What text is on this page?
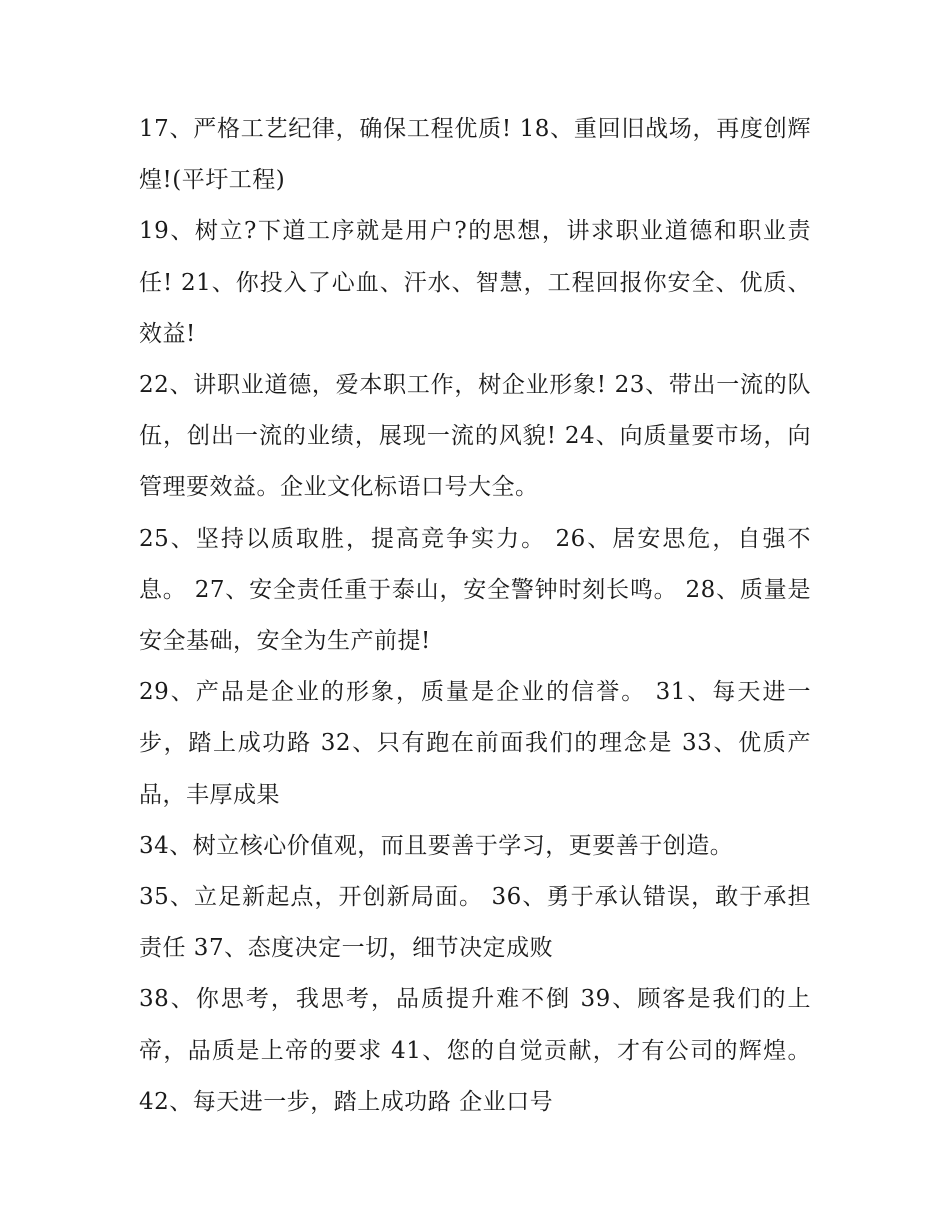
17、严格工艺纪律，确保工程优质! 18、重回旧战场，再度创辉煌!(平圩工程)

19、树立?下道工序就是用户?的思想，讲求职业道德和职业责任! 21、你投入了心血、汗水、智慧，工程回报你安全、优质、效益!

22、讲职业道德，爱本职工作，树企业形象! 23、带出一流的队伍，创出一流的业绩，展现一流的风貌! 24、向质量要市场，向管理要效益。企业文化标语口号大全。

25、坚持以质取胜，提高竞争实力。 26、居安思危，自强不息。 27、安全责任重于泰山，安全警钟时刻长鸣。 28、质量是安全基础，安全为生产前提!

29、产品是企业的形象，质量是企业的信誉。 31、每天进一步，踏上成功路 32、只有跑在前面我们的理念是 33、优质产品，丰厚成果

34、树立核心价值观，而且要善于学习，更要善于创造。

35、立足新起点，开创新局面。 36、勇于承认错误，敢于承担责任 37、态度决定一切，细节决定成败

38、你思考，我思考，品质提升难不倒 39、顾客是我们的上帝，品质是上帝的要求 41、您的自觉贡献，才有公司的辉煌。 42、每天进一步，踏上成功路 企业口号
